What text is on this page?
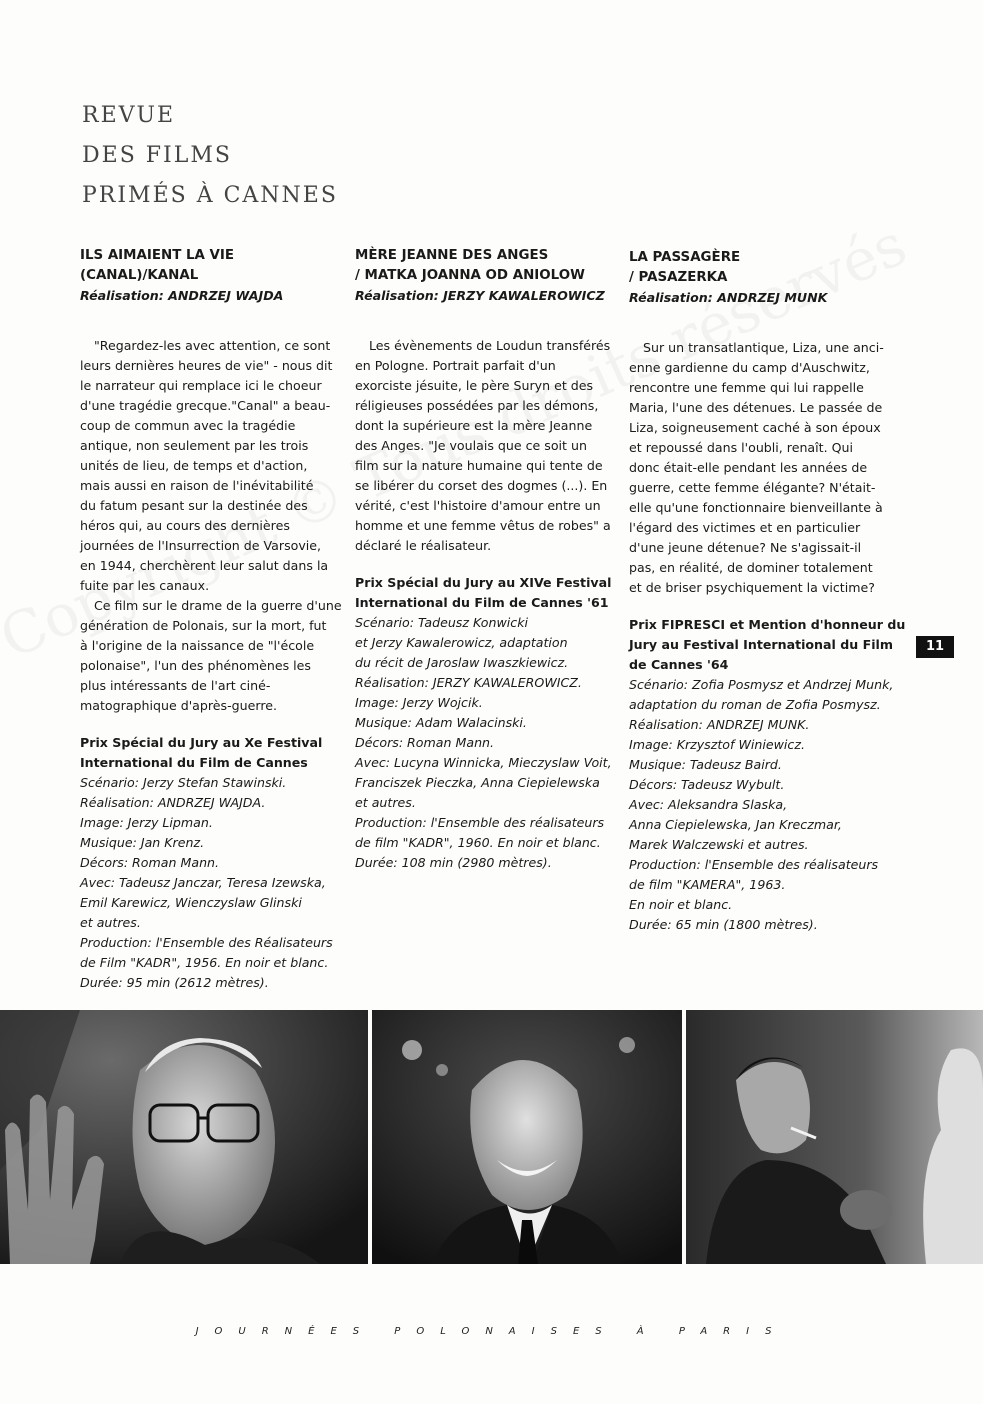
REVUE
DES FILMS
PRIMÉS À CANNES
ILS AIMAIENT LA VIE
(CANAL)/KANAL
Réalisation: ANDRZEJ WAJDA
"Regardez-les avec attention, ce sont
leurs dernières heures de vie" - nous dit
le narrateur qui remplace ici le choeur
d'une tragédie grecque."Canal" a beau-
coup de commun avec la tragédie
antique, non seulement par les trois
unités de lieu, de temps et d'action,
mais aussi en raison de l'inévitabilité
du fatum pesant sur la destinée des
héros qui, au cours des dernières
journées de l'Insurrection de Varsovie,
en 1944, cherchèrent leur salut dans la
fuite par les canaux.
Ce film sur le drame de la guerre d'une
génération de Polonais, sur la mort, fut
à l'origine de la naissance de "l'école
polonaise", l'un des phénomènes les
plus intéressants de l'art ciné-
matographique d'après-guerre.
Prix Spécial du Jury au Xe Festival
International du Film de Cannes
Scénario: Jerzy Stefan Stawinski.
Réalisation: ANDRZEJ WAJDA.
Image: Jerzy Lipman.
Musique: Jan Krenz.
Décors: Roman Mann.
Avec: Tadeusz Janczar, Teresa Izewska,
Emil Karewicz, Wienczyslaw Glinski
et autres.
Production: l'Ensemble des Réalisateurs
de Film "KADR", 1956. En noir et blanc.
Durée: 95 min (2612 mètres).
MÈRE JEANNE DES ANGES
/ MATKA JOANNA OD ANIOLOW
Réalisation: JERZY KAWALEROWICZ
Les évènements de Loudun transférés
en Pologne. Portrait parfait d'un
exorciste jésuite, le père Suryn et des
réligieuses possédées par les démons,
dont la supérieure est la mère Jeanne
des Anges. "Je voulais que ce soit un
film sur la nature humaine qui tente de
se libérer du corset des dogmes (...). En
vérité, c'est l'histoire d'amour entre un
homme et une femme vêtus de robes" a
déclaré le réalisateur.
Prix Spécial du Jury au XIVe Festival
International du Film de Cannes '61
Scénario: Tadeusz Konwicki
et Jerzy Kawalerowicz, adaptation
du récit de Jaroslaw Iwaszkiewicz.
Réalisation: JERZY KAWALEROWICZ.
Image: Jerzy Wojcik.
Musique: Adam Walacinski.
Décors: Roman Mann.
Avec: Lucyna Winnicka, Mieczyslaw Voit,
Franciszek Pieczka, Anna Ciepielewska
et autres.
Production: l'Ensemble des réalisateurs
de film "KADR", 1960. En noir et blanc.
Durée: 108 min (2980 mètres).
LA PASSAGÈRE
/ PASAZERKA
Réalisation: ANDRZEJ MUNK
Sur un transatlantique, Liza, une anci-
enne gardienne du camp d'Auschwitz,
rencontre une femme qui lui rappelle
Maria, l'une des détenues. Le passée de
Liza, soigneusement caché à son époux
et repoussé dans l'oubli, renaît. Qui
donc était-elle pendant les années de
guerre, cette femme élégante? N'était-
elle qu'une fonctionnaire bienveillante à
l'égard des victimes et en particulier
d'une jeune détenue? Ne s'agissait-il
pas, en réalité, de dominer totalement
et de briser psychiquement la victime?
Prix FIPRESCI et Mention d'honneur du
Jury au Festival International du Film
de Cannes '64
Scénario: Zofia Posmysz et Andrzej Munk,
adaptation du roman de Zofia Posmysz.
Réalisation: ANDRZEJ MUNK.
Image: Krzysztof Winiewicz.
Musique: Tadeusz Baird.
Décors: Tadeusz Wybult.
Avec: Aleksandra Slaska,
Anna Ciepielewska, Jan Kreczmar,
Marek Walczewski et autres.
Production: l'Ensemble des réalisateurs
de film "KAMERA", 1963.
En noir et blanc.
Durée: 65 min (1800 mètres).
11
JOURNÉES POLONAISES À PARIS
